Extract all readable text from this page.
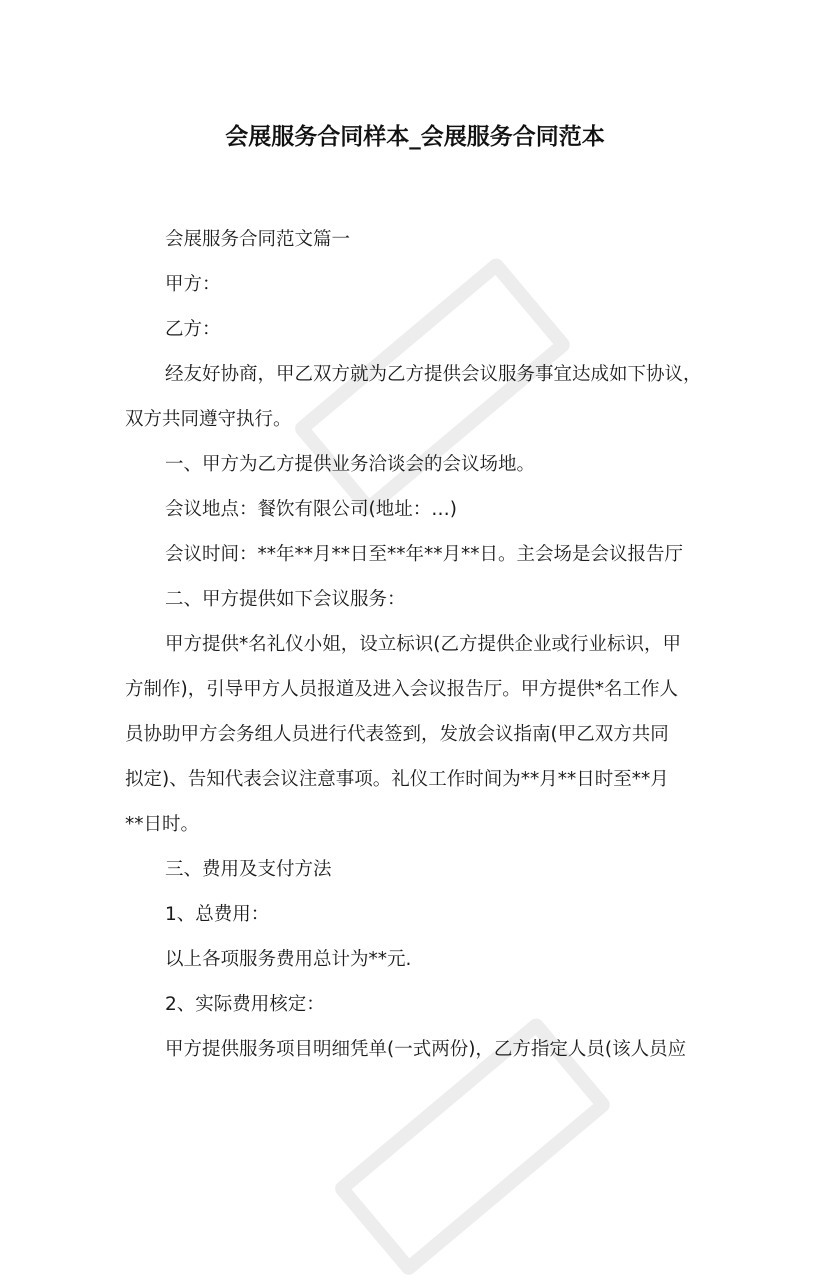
会展服务合同样本_会展服务合同范本

会展服务合同范文篇一

甲方：

乙方：

经友好协商，甲乙双方就为乙方提供会议服务事宜达成如下协议，

双方共同遵守执行。

一、甲方为乙方提供业务洽谈会的会议场地。

会议地点：餐饮有限公司(地址：…)

会议时间：**年**月**日至**年**月**日。主会场是会议报告厅

二、甲方提供如下会议服务：

甲方提供*名礼仪小姐，设立标识(乙方提供企业或行业标识，甲

方制作)，引导甲方人员报道及进入会议报告厅。甲方提供*名工作人

员协助甲方会务组人员进行代表签到，发放会议指南(甲乙双方共同

拟定)、告知代表会议注意事项。礼仪工作时间为**月**日时至**月

**日时。

三、费用及支付方法

1、总费用：

以上各项服务费用总计为**元.

2、实际费用核定：

甲方提供服务项目明细凭单(一式两份)，乙方指定人员(该人员应
